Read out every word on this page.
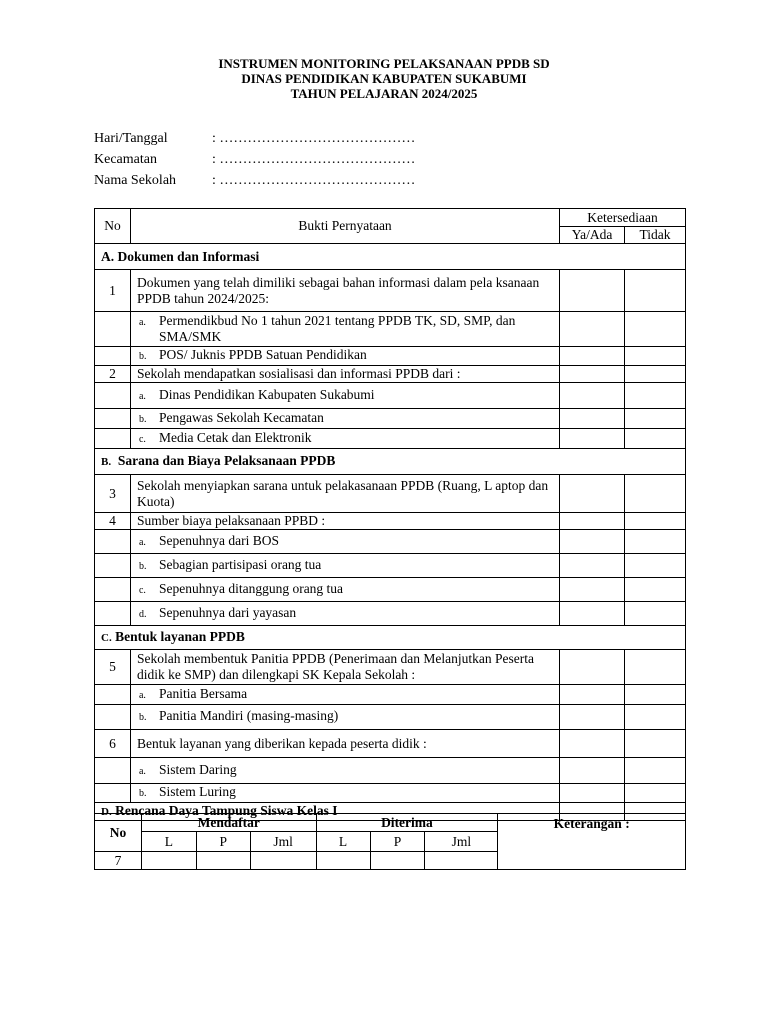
INSTRUMEN MONITORING PELAKSANAAN PPDB SD
DINAS PENDIDIKAN KABUPATEN SUKABUMI
TAHUN PELAJARAN 2024/2025
Hari/Tanggal	: ……………………………………
Kecamatan	: ……………………………………
Nama Sekolah	: ……………………………………
No	Bukti Pernyataan	Ketersediaan	
		Ya/Ada	Tidak
A. Dokumen dan Informasi			
1	Dokumen yang telah dimiliki sebagai bahan informasi dalam pela ksanaan PPDB tahun 2024/2025:		

	a. Permendikbud No 1 tahun 2021 tentang PPDB TK, SD, SMP, dan SMA/SMK		

	b. POS/ Juknis PPDB Satuan Pendidikan		
2	Sekolah mendapatkan sosialisasi dan informasi PPDB dari :		
	a. Dinas Pendidikan Kabupaten Sukabumi		
	b. Pengawas Sekolah Kecamatan		
	c. Media Cetak dan Elektronik		
B. Sarana dan Biaya Pelaksanaan PPDB			
3	Sekolah menyiapkan sarana untuk pelakasanaan PPDB (Ruang, L aptop dan Kuota)		
4	Sumber biaya pelaksanaan PPBD :		
	a. Sepenuhnya dari BOS		
	b. Sebagian partisipasi orang tua		
	c. Sepenuhnya ditanggung orang tua		
	d. Sepenuhnya dari yayasan		
C. Bentuk layanan PPDB			
5	Sekolah membentuk Panitia PPDB (Penerimaan dan Melanjutkan Peserta didik ke SMP) dan dilengkapi SK Kepala Sekolah :		
	a. Panitia Bersama		
	b. Panitia Mandiri (masing-masing)		
6	Bentuk layanan yang diberikan kepada peserta didik :		
	a. Sistem Daring		
	b. Sistem Luring		
D. Rencana Daya Tampung Siswa Kelas I			
No	Mendaftar			Diterima			Keterangan :
	L	P	Jml	L	P	Jml	
7							
